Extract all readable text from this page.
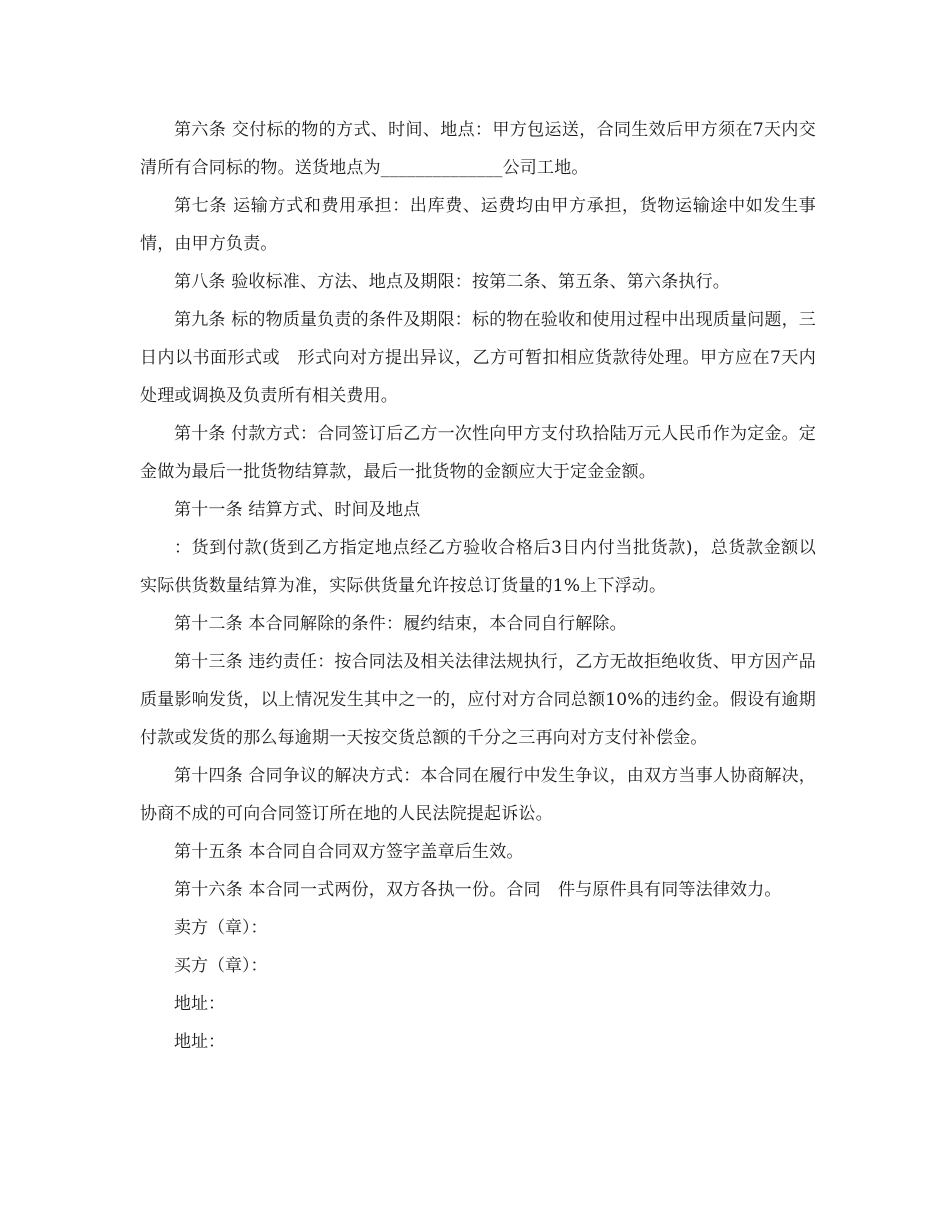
第六条 交付标的物的方式、时间、地点：甲方包运送，合同生效后甲方须在7天内交清所有合同标的物。送货地点为______________公司工地。

第七条 运输方式和费用承担：出库费、运费均由甲方承担，货物运输途中如发生事情，由甲方负责。

第八条 验收标准、方法、地点及期限：按第二条、第五条、第六条执行。

第九条 标的物质量负责的条件及期限：标的物在验收和使用过程中出现质量问题，三日内以书面形式或　形式向对方提出异议，乙方可暂扣相应货款待处理。甲方应在7天内处理或调换及负责所有相关费用。

第十条 付款方式：合同签订后乙方一次性向甲方支付玖拾陆万元人民币作为定金。定金做为最后一批货物结算款，最后一批货物的金额应大于定金金额。

第十一条 结算方式、时间及地点

：货到付款(货到乙方指定地点经乙方验收合格后3日内付当批货款)，总货款金额以实际供货数量结算为准，实际供货量允许按总订货量的1%上下浮动。

第十二条 本合同解除的条件：履约结束，本合同自行解除。

第十三条 违约责任：按合同法及相关法律法规执行，乙方无故拒绝收货、甲方因产品质量影响发货，以上情况发生其中之一的，应付对方合同总额10%的违约金。假设有逾期付款或发货的那么每逾期一天按交货总额的千分之三再向对方支付补偿金。

第十四条 合同争议的解决方式：本合同在履行中发生争议，由双方当事人协商解决，协商不成的可向合同签订所在地的人民法院提起诉讼。

第十五条 本合同自合同双方签字盖章后生效。

第十六条 本合同一式两份，双方各执一份。合同　件与原件具有同等法律效力。

卖方（章）：

买方（章）：

地址：

地址：
